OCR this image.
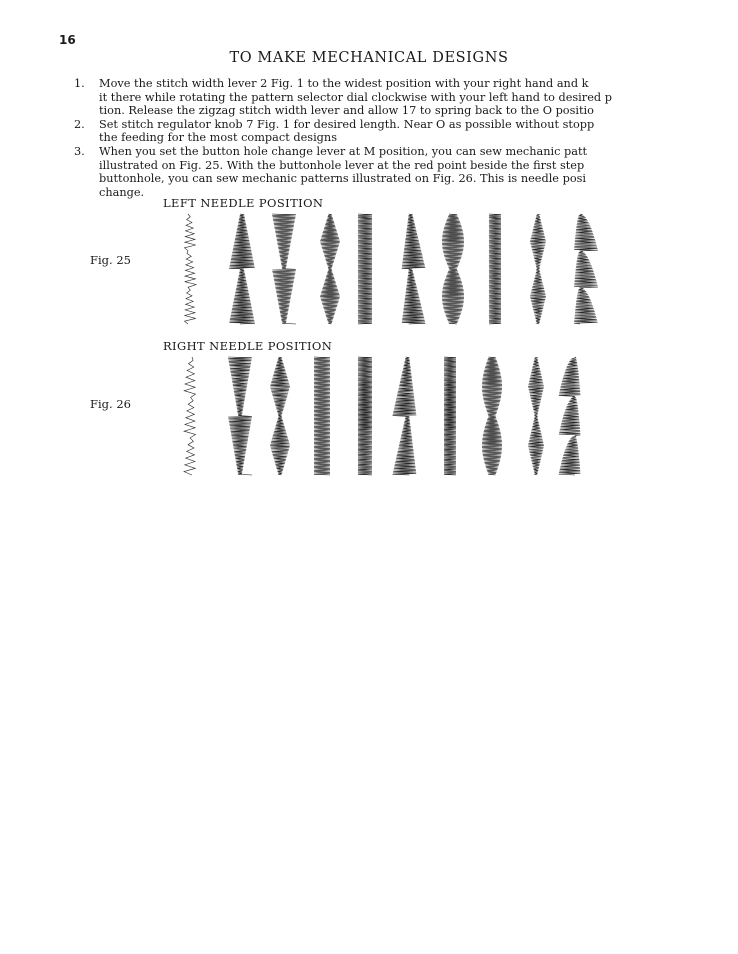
16
TO MAKE MECHANICAL DESIGNS
1.	Move the stitch width lever 2 Fig. 1 to the widest position with your right hand and k
it there while rotating the pattern selector dial clockwise with your left hand to desired p
tion. Release the zigzag stitch width lever and allow 17 to spring back to the O positio
2.	Set stitch regulator knob 7 Fig. 1 for desired length. Near O as possible without stopp
the feeding for the most compact designs
3.	When you set the button hole change lever at M position, you can sew mechanic patt
illustrated on Fig. 25. With the buttonhole lever at the red point beside the first step
buttonhole, you can sew mechanic patterns illustrated on Fig. 26. This is needle posi
change.
LEFT NEEDLE POSITION
Fig. 25
RIGHT NEEDLE POSITION
Fig. 26
